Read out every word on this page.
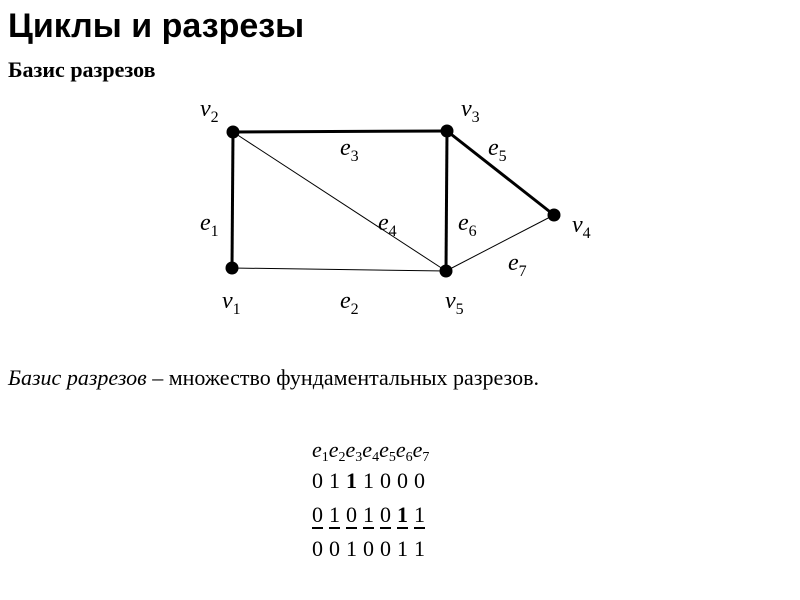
Циклы и разрезы
Базис разрезов
$e_1$
$e_2$
$e_3$
$e_4$
$e_5$
$e_6$
$e_7$
$v_1$
$v_2$	$v_3$
$v_4$
$v_5$
Базис разрезов – множество фундаментальных разрезов.
$e_1e_2e_3e_4e_5e_6e_7$
0 1 1 1 0 0 0
0 1 0 1 0 1 1
0 0 1 0 0 1 1
